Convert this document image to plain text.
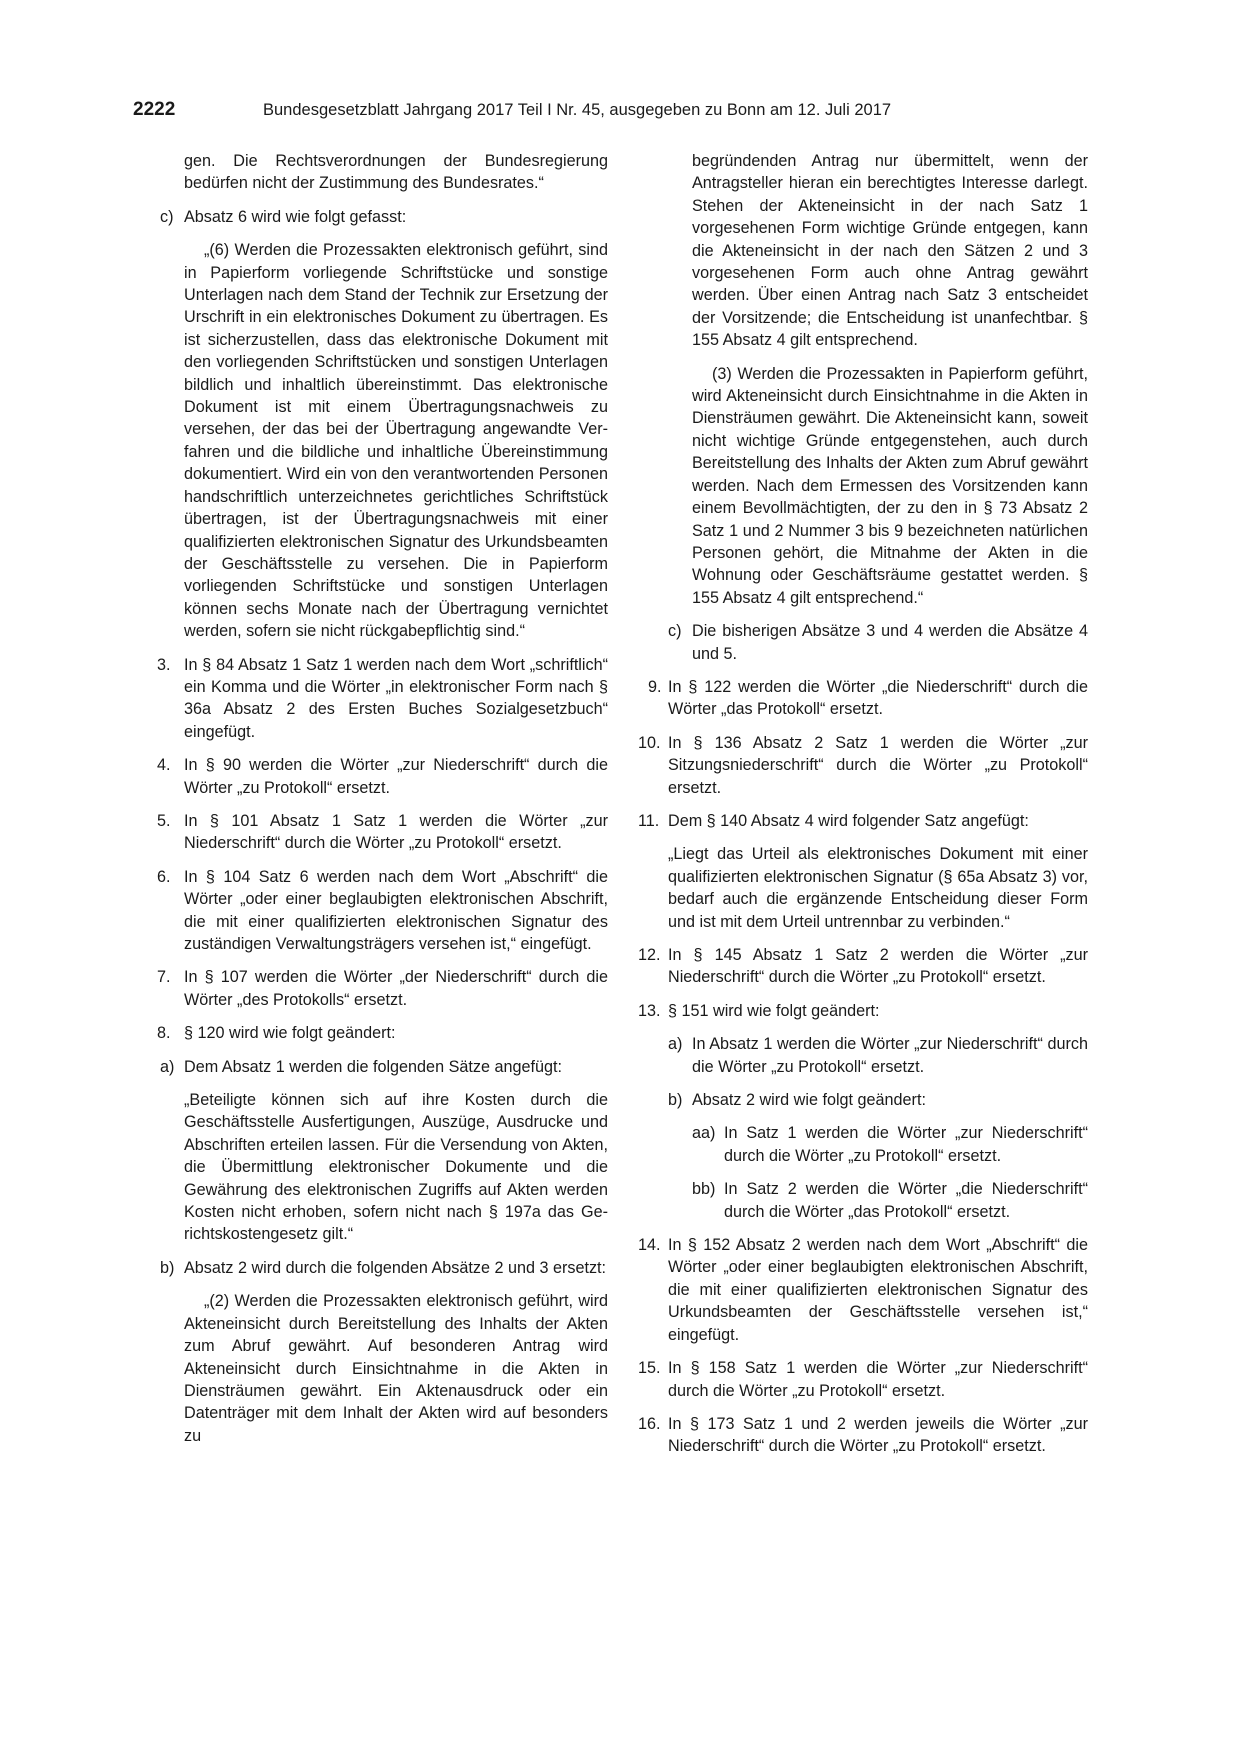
2222	Bundesgesetzblatt Jahrgang 2017 Teil I Nr. 45, ausgegeben zu Bonn am 12. Juli 2017

gen. Die Rechtsverordnungen der Bundesregierung bedürfen nicht der Zustimmung des Bundesrates.“

c) Absatz 6 wird wie folgt gefasst:

„(6) Werden die Prozessakten elektronisch geführt, sind in Papierform vorliegende Schriftstücke und sonstige Unterlagen nach dem Stand der Technik zur Ersetzung der Urschrift in ein elektronisches Dokument zu übertragen. Es ist sicherzustellen, dass das elektronische Dokument mit den vorliegenden Schriftstücken und sonstigen Unterlagen bildlich und inhaltlich übereinstimmt. Das elektronische Dokument ist mit einem Übertragungsnachweis zu versehen, der das bei der Übertragung angewandte Verfahren und die bildliche und inhaltliche Übereinstimmung dokumentiert. Wird ein von den verantwortenden Personen handschriftlich unterzeichnetes gerichtliches Schriftstück übertragen, ist der Übertragungsnachweis mit einer qualifizierten elektronischen Signatur des Urkundsbeamten der Geschäftsstelle zu versehen. Die in Papierform vorliegenden Schriftstücke und sonstigen Unterlagen können sechs Monate nach der Übertragung vernichtet werden, sofern sie nicht rückgabepflichtig sind.“

3. In § 84 Absatz 1 Satz 1 werden nach dem Wort „schriftlich“ ein Komma und die Wörter „in elektronischer Form nach § 36a Absatz 2 des Ersten Buches Sozialgesetzbuch“ eingefügt.
4. In § 90 werden die Wörter „zur Niederschrift“ durch die Wörter „zu Protokoll“ ersetzt.
5. In § 101 Absatz 1 Satz 1 werden die Wörter „zur Niederschrift“ durch die Wörter „zu Protokoll“ ersetzt.
6. In § 104 Satz 6 werden nach dem Wort „Abschrift“ die Wörter „oder einer beglaubigten elektronischen Abschrift, die mit einer qualifizierten elektronischen Signatur des zuständigen Verwaltungsträgers versehen ist,“ eingefügt.
7. In § 107 werden die Wörter „der Niederschrift“ durch die Wörter „des Protokolls“ ersetzt.
8. § 120 wird wie folgt geändert:
a) Dem Absatz 1 werden die folgenden Sätze angefügt:

„Beteiligte können sich auf ihre Kosten durch die Geschäftsstelle Ausfertigungen, Auszüge, Ausdrucke und Abschriften erteilen lassen. Für die Versendung von Akten, die Übermittlung elektronischer Dokumente und die Gewährung des elektronischen Zugriffs auf Akten werden Kosten nicht erhoben, sofern nicht nach § 197a das Gerichtskostengesetz gilt.“

b) Absatz 2 wird durch die folgenden Absätze 2 und 3 ersetzt:

„(2) Werden die Prozessakten elektronisch geführt, wird Akteneinsicht durch Bereitstellung des Inhalts der Akten zum Abruf gewährt. Auf besonderen Antrag wird Akteneinsicht durch Einsichtnahme in die Akten in Diensträumen gewährt. Ein Aktenausdruck oder ein Datenträger mit dem Inhalt der Akten wird auf besonders zu

begründenden Antrag nur übermittelt, wenn der Antragsteller hieran ein berechtigtes Interesse darlegt. Stehen der Akteneinsicht in der nach Satz 1 vorgesehenen Form wichtige Gründe entgegen, kann die Akteneinsicht in der nach den Sätzen 2 und 3 vorgesehenen Form auch ohne Antrag gewährt werden. Über einen Antrag nach Satz 3 entscheidet der Vorsitzende; die Entscheidung ist unanfechtbar. § 155 Absatz 4 gilt entsprechend.

(3) Werden die Prozessakten in Papierform geführt, wird Akteneinsicht durch Einsichtnahme in die Akten in Diensträumen gewährt. Die Akteneinsicht kann, soweit nicht wichtige Gründe entgegenstehen, auch durch Bereitstellung des Inhalts der Akten zum Abruf gewährt werden. Nach dem Ermessen des Vorsitzenden kann einem Bevollmächtigten, der zu den in § 73 Absatz 2 Satz 1 und 2 Nummer 3 bis 9 bezeichneten natürlichen Personen gehört, die Mitnahme der Akten in die Wohnung oder Geschäftsräume gestattet werden. § 155 Absatz 4 gilt entsprechend.“

c) Die bisherigen Absätze 3 und 4 werden die Absätze 4 und 5.
9. In § 122 werden die Wörter „die Niederschrift“ durch die Wörter „das Protokoll“ ersetzt.
10. In § 136 Absatz 2 Satz 1 werden die Wörter „zur Sitzungsniederschrift“ durch die Wörter „zu Protokoll“ ersetzt.
11. Dem § 140 Absatz 4 wird folgender Satz angefügt:

„Liegt das Urteil als elektronisches Dokument mit einer qualifizierten elektronischen Signatur (§ 65a Absatz 3) vor, bedarf auch die ergänzende Entscheidung dieser Form und ist mit dem Urteil untrennbar zu verbinden.“

12. In § 145 Absatz 1 Satz 2 werden die Wörter „zur Niederschrift“ durch die Wörter „zu Protokoll“ ersetzt.
13. § 151 wird wie folgt geändert:
a) In Absatz 1 werden die Wörter „zur Niederschrift“ durch die Wörter „zu Protokoll“ ersetzt.
b) Absatz 2 wird wie folgt geändert:
aa) In Satz 1 werden die Wörter „zur Niederschrift“ durch die Wörter „zu Protokoll“ ersetzt.
bb) In Satz 2 werden die Wörter „die Niederschrift“ durch die Wörter „das Protokoll“ ersetzt.
14. In § 152 Absatz 2 werden nach dem Wort „Abschrift“ die Wörter „oder einer beglaubigten elektronischen Abschrift, die mit einer qualifizierten elektronischen Signatur des Urkundsbeamten der Geschäftsstelle versehen ist,“ eingefügt.
15. In § 158 Satz 1 werden die Wörter „zur Niederschrift“ durch die Wörter „zu Protokoll“ ersetzt.
16. In § 173 Satz 1 und 2 werden jeweils die Wörter „zur Niederschrift“ durch die Wörter „zu Protokoll“ ersetzt.
